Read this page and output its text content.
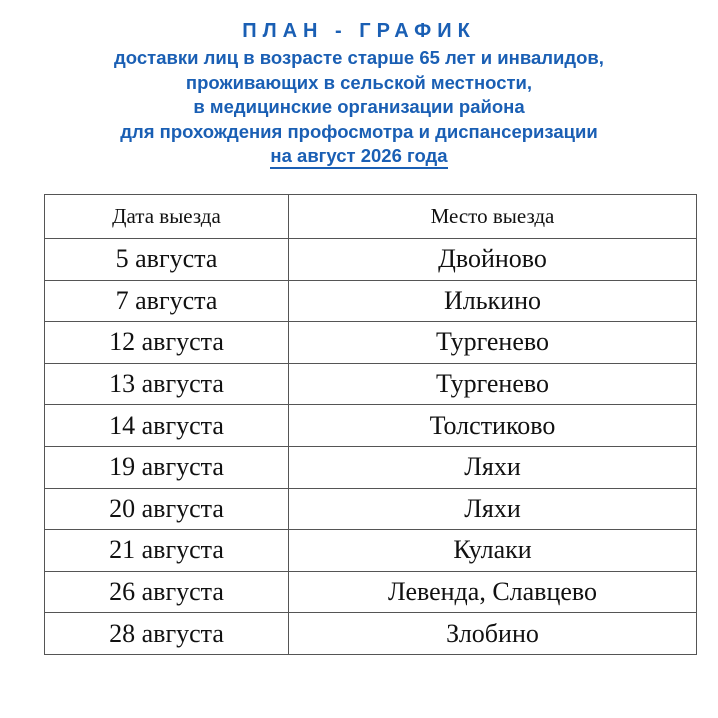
ПЛАН - ГРАФИК
доставки лиц в возрасте старше 65 лет и инвалидов,
проживающих в сельской местности,
в медицинские организации района
для прохождения профосмотра и диспансеризации
на август 2026 года
Дата выезда	Место выезда
5 августа	Двойново
7 августа	Илькино
12 августа	Тургенево
13 августа	Тургенево
14 августа	Толстиково
19 августа	Ляхи
20 августа	Ляхи
21 августа	Кулаки
26 августа	Левенда, Славцево
28 августа	Злобино
